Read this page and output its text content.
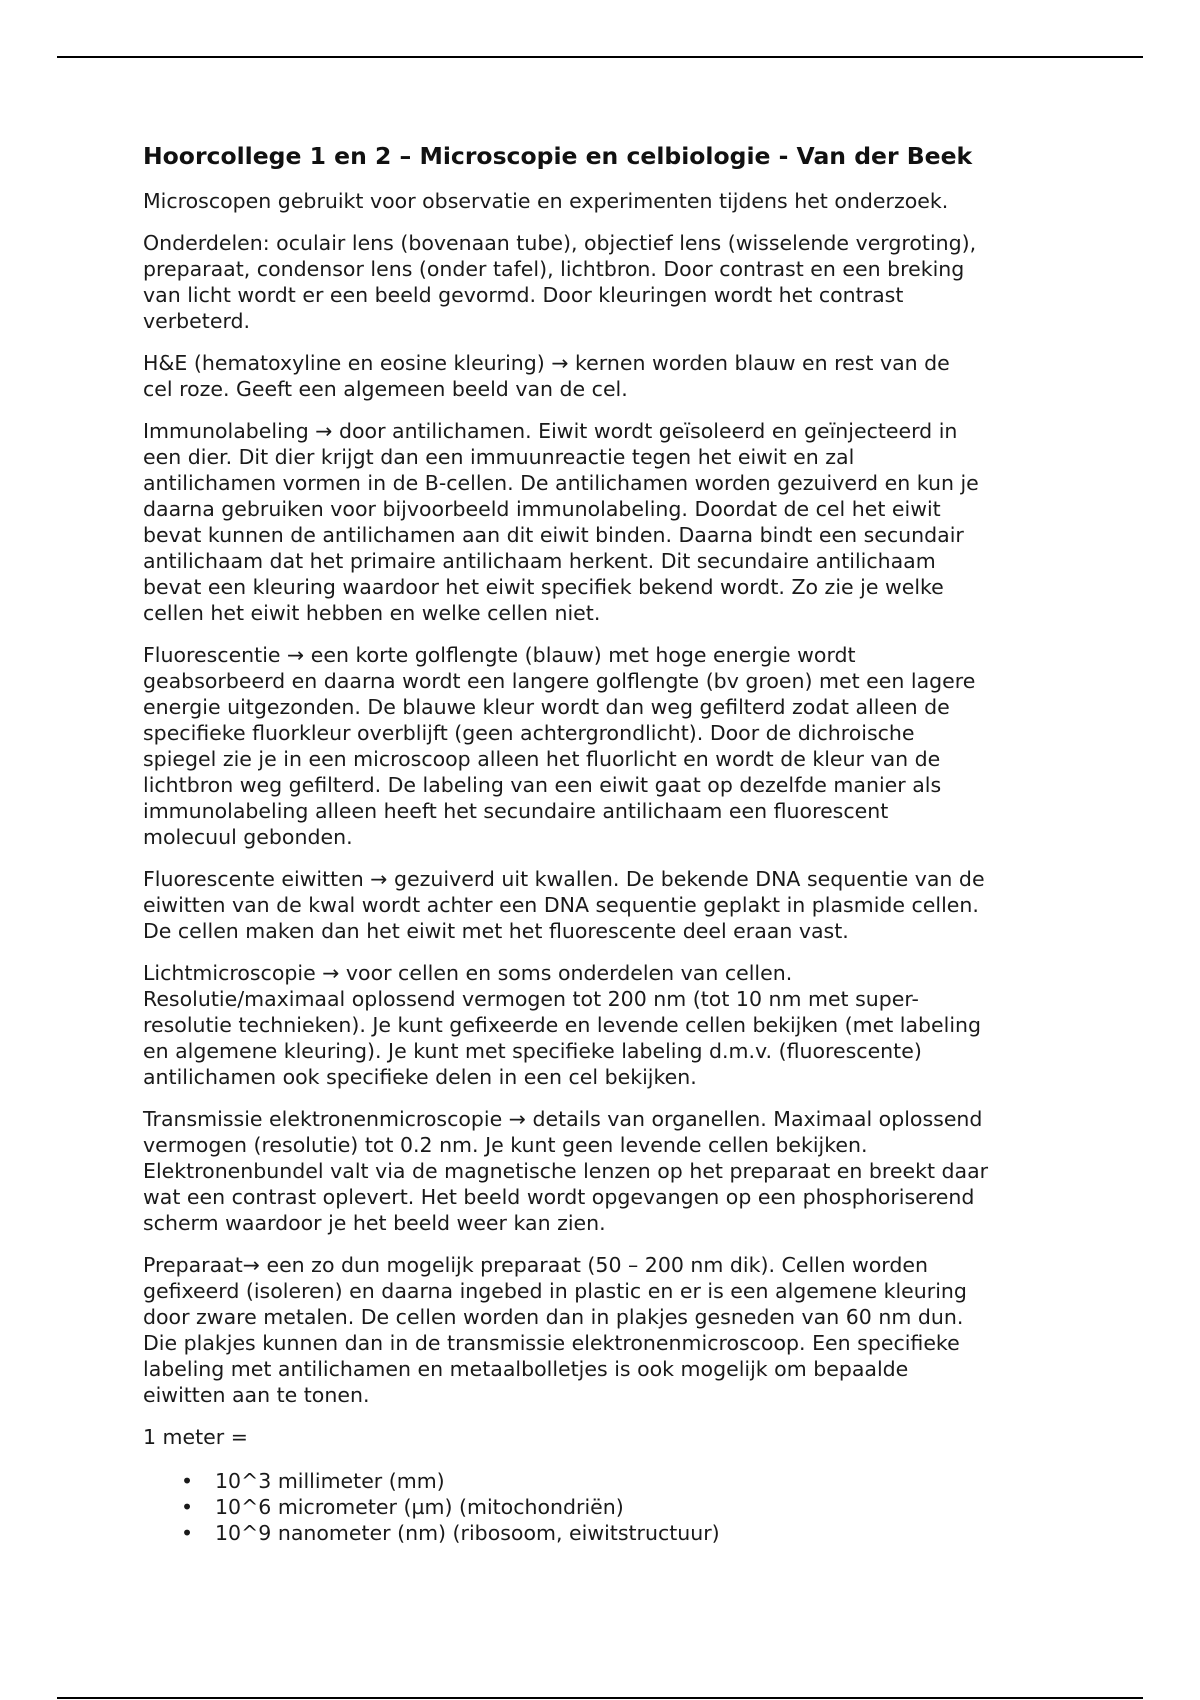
Hoorcollege 1 en 2 – Microscopie en celbiologie - Van der Beek

Microscopen gebruikt voor observatie en experimenten tijdens het onderzoek.

Onderdelen: oculair lens (bovenaan tube), objectief lens (wisselende vergroting),
preparaat, condensor lens (onder tafel), lichtbron. Door contrast en een breking
van licht wordt er een beeld gevormd. Door kleuringen wordt het contrast
verbeterd.

H&E (hematoxyline en eosine kleuring) → kernen worden blauw en rest van de
cel roze. Geeft een algemeen beeld van de cel.

Immunolabeling → door antilichamen. Eiwit wordt geïsoleerd en geïnjecteerd in
een dier. Dit dier krijgt dan een immuunreactie tegen het eiwit en zal
antilichamen vormen in de B-cellen. De antilichamen worden gezuiverd en kun je
daarna gebruiken voor bijvoorbeeld immunolabeling. Doordat de cel het eiwit
bevat kunnen de antilichamen aan dit eiwit binden. Daarna bindt een secundair
antilichaam dat het primaire antilichaam herkent. Dit secundaire antilichaam
bevat een kleuring waardoor het eiwit specifiek bekend wordt. Zo zie je welke
cellen het eiwit hebben en welke cellen niet.

Fluorescentie → een korte golflengte (blauw) met hoge energie wordt
geabsorbeerd en daarna wordt een langere golflengte (bv groen) met een lagere
energie uitgezonden. De blauwe kleur wordt dan weg gefilterd zodat alleen de
specifieke fluorkleur overblijft (geen achtergrondlicht). Door de dichroische
spiegel zie je in een microscoop alleen het fluorlicht en wordt de kleur van de
lichtbron weg gefilterd. De labeling van een eiwit gaat op dezelfde manier als
immunolabeling alleen heeft het secundaire antilichaam een fluorescent
molecuul gebonden.

Fluorescente eiwitten → gezuiverd uit kwallen. De bekende DNA sequentie van de
eiwitten van de kwal wordt achter een DNA sequentie geplakt in plasmide cellen.
De cellen maken dan het eiwit met het fluorescente deel eraan vast.

Lichtmicroscopie → voor cellen en soms onderdelen van cellen.
Resolutie/maximaal oplossend vermogen tot 200 nm (tot 10 nm met super-
resolutie technieken). Je kunt gefixeerde en levende cellen bekijken (met labeling
en algemene kleuring). Je kunt met specifieke labeling d.m.v. (fluorescente)
antilichamen ook specifieke delen in een cel bekijken.

Transmissie elektronenmicroscopie → details van organellen. Maximaal oplossend
vermogen (resolutie) tot 0.2 nm. Je kunt geen levende cellen bekijken.
Elektronenbundel valt via de magnetische lenzen op het preparaat en breekt daar
wat een contrast oplevert. Het beeld wordt opgevangen op een phosphoriserend
scherm waardoor je het beeld weer kan zien.

Preparaat→ een zo dun mogelijk preparaat (50 – 200 nm dik). Cellen worden
gefixeerd (isoleren) en daarna ingebed in plastic en er is een algemene kleuring
door zware metalen. De cellen worden dan in plakjes gesneden van 60 nm dun.
Die plakjes kunnen dan in de transmissie elektronenmicroscoop. Een specifieke
labeling met antilichamen en metaalbolletjes is ook mogelijk om bepaalde
eiwitten aan te tonen.

1 meter =

•	10^3 millimeter (mm)
•	10^6 micrometer (µm) (mitochondriën)
•	10^9 nanometer (nm) (ribosoom, eiwitstructuur)
